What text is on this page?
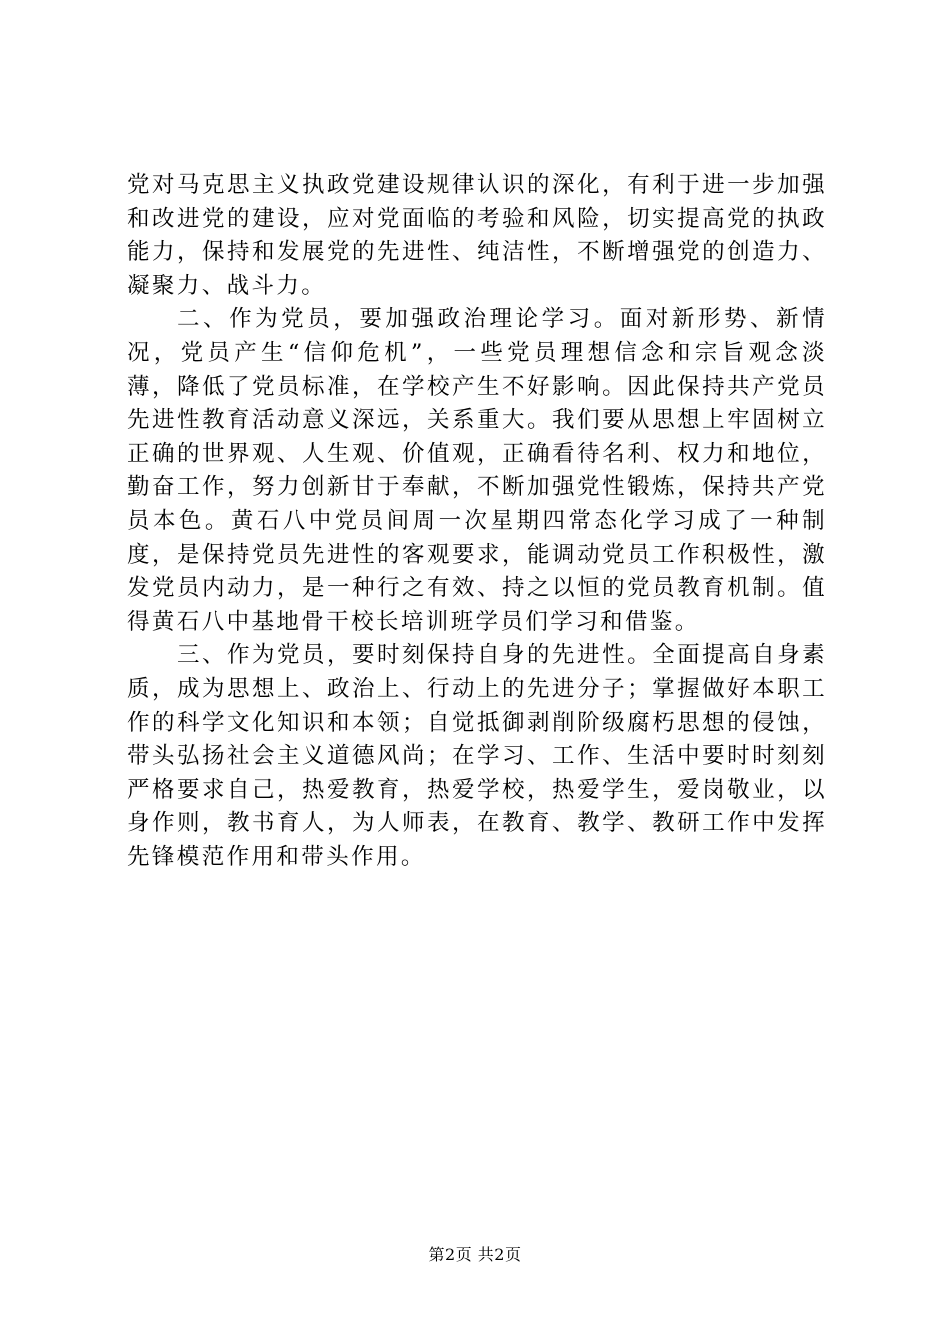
党对马克思主义执政党建设规律认识的深化，有利于进一步加强和改进党的建设，应对党面临的考验和风险，切实提高党的执政能力，保持和发展党的先进性、纯洁性，不断增强党的创造力、凝聚力、战斗力。

二、作为党员，要加强政治理论学习。面对新形势、新情况，党员产生“信仰危机”，一些党员理想信念和宗旨观念淡薄，降低了党员标准，在学校产生不好影响。因此保持共产党员先进性教育活动意义深远，关系重大。我们要从思想上牢固树立正确的世界观、人生观、价值观，正确看待名利、权力和地位，勤奋工作，努力创新甘于奉献，不断加强党性锻炼，保持共产党员本色。黄石八中党员间周一次星期四常态化学习成了一种制度，是保持党员先进性的客观要求，能调动党员工作积极性，激发党员内动力，是一种行之有效、持之以恒的党员教育机制。值得黄石八中基地骨干校长培训班学员们学习和借鉴。

三、作为党员，要时刻保持自身的先进性。全面提高自身素质，成为思想上、政治上、行动上的先进分子；掌握做好本职工作的科学文化知识和本领；自觉抵御剥削阶级腐朽思想的侵蚀，带头弘扬社会主义道德风尚；在学习、工作、生活中要时时刻刻严格要求自己，热爱教育，热爱学校，热爱学生，爱岗敬业，以身作则，教书育人，为人师表，在教育、教学、教研工作中发挥先锋模范作用和带头作用。

第2页 共2页
